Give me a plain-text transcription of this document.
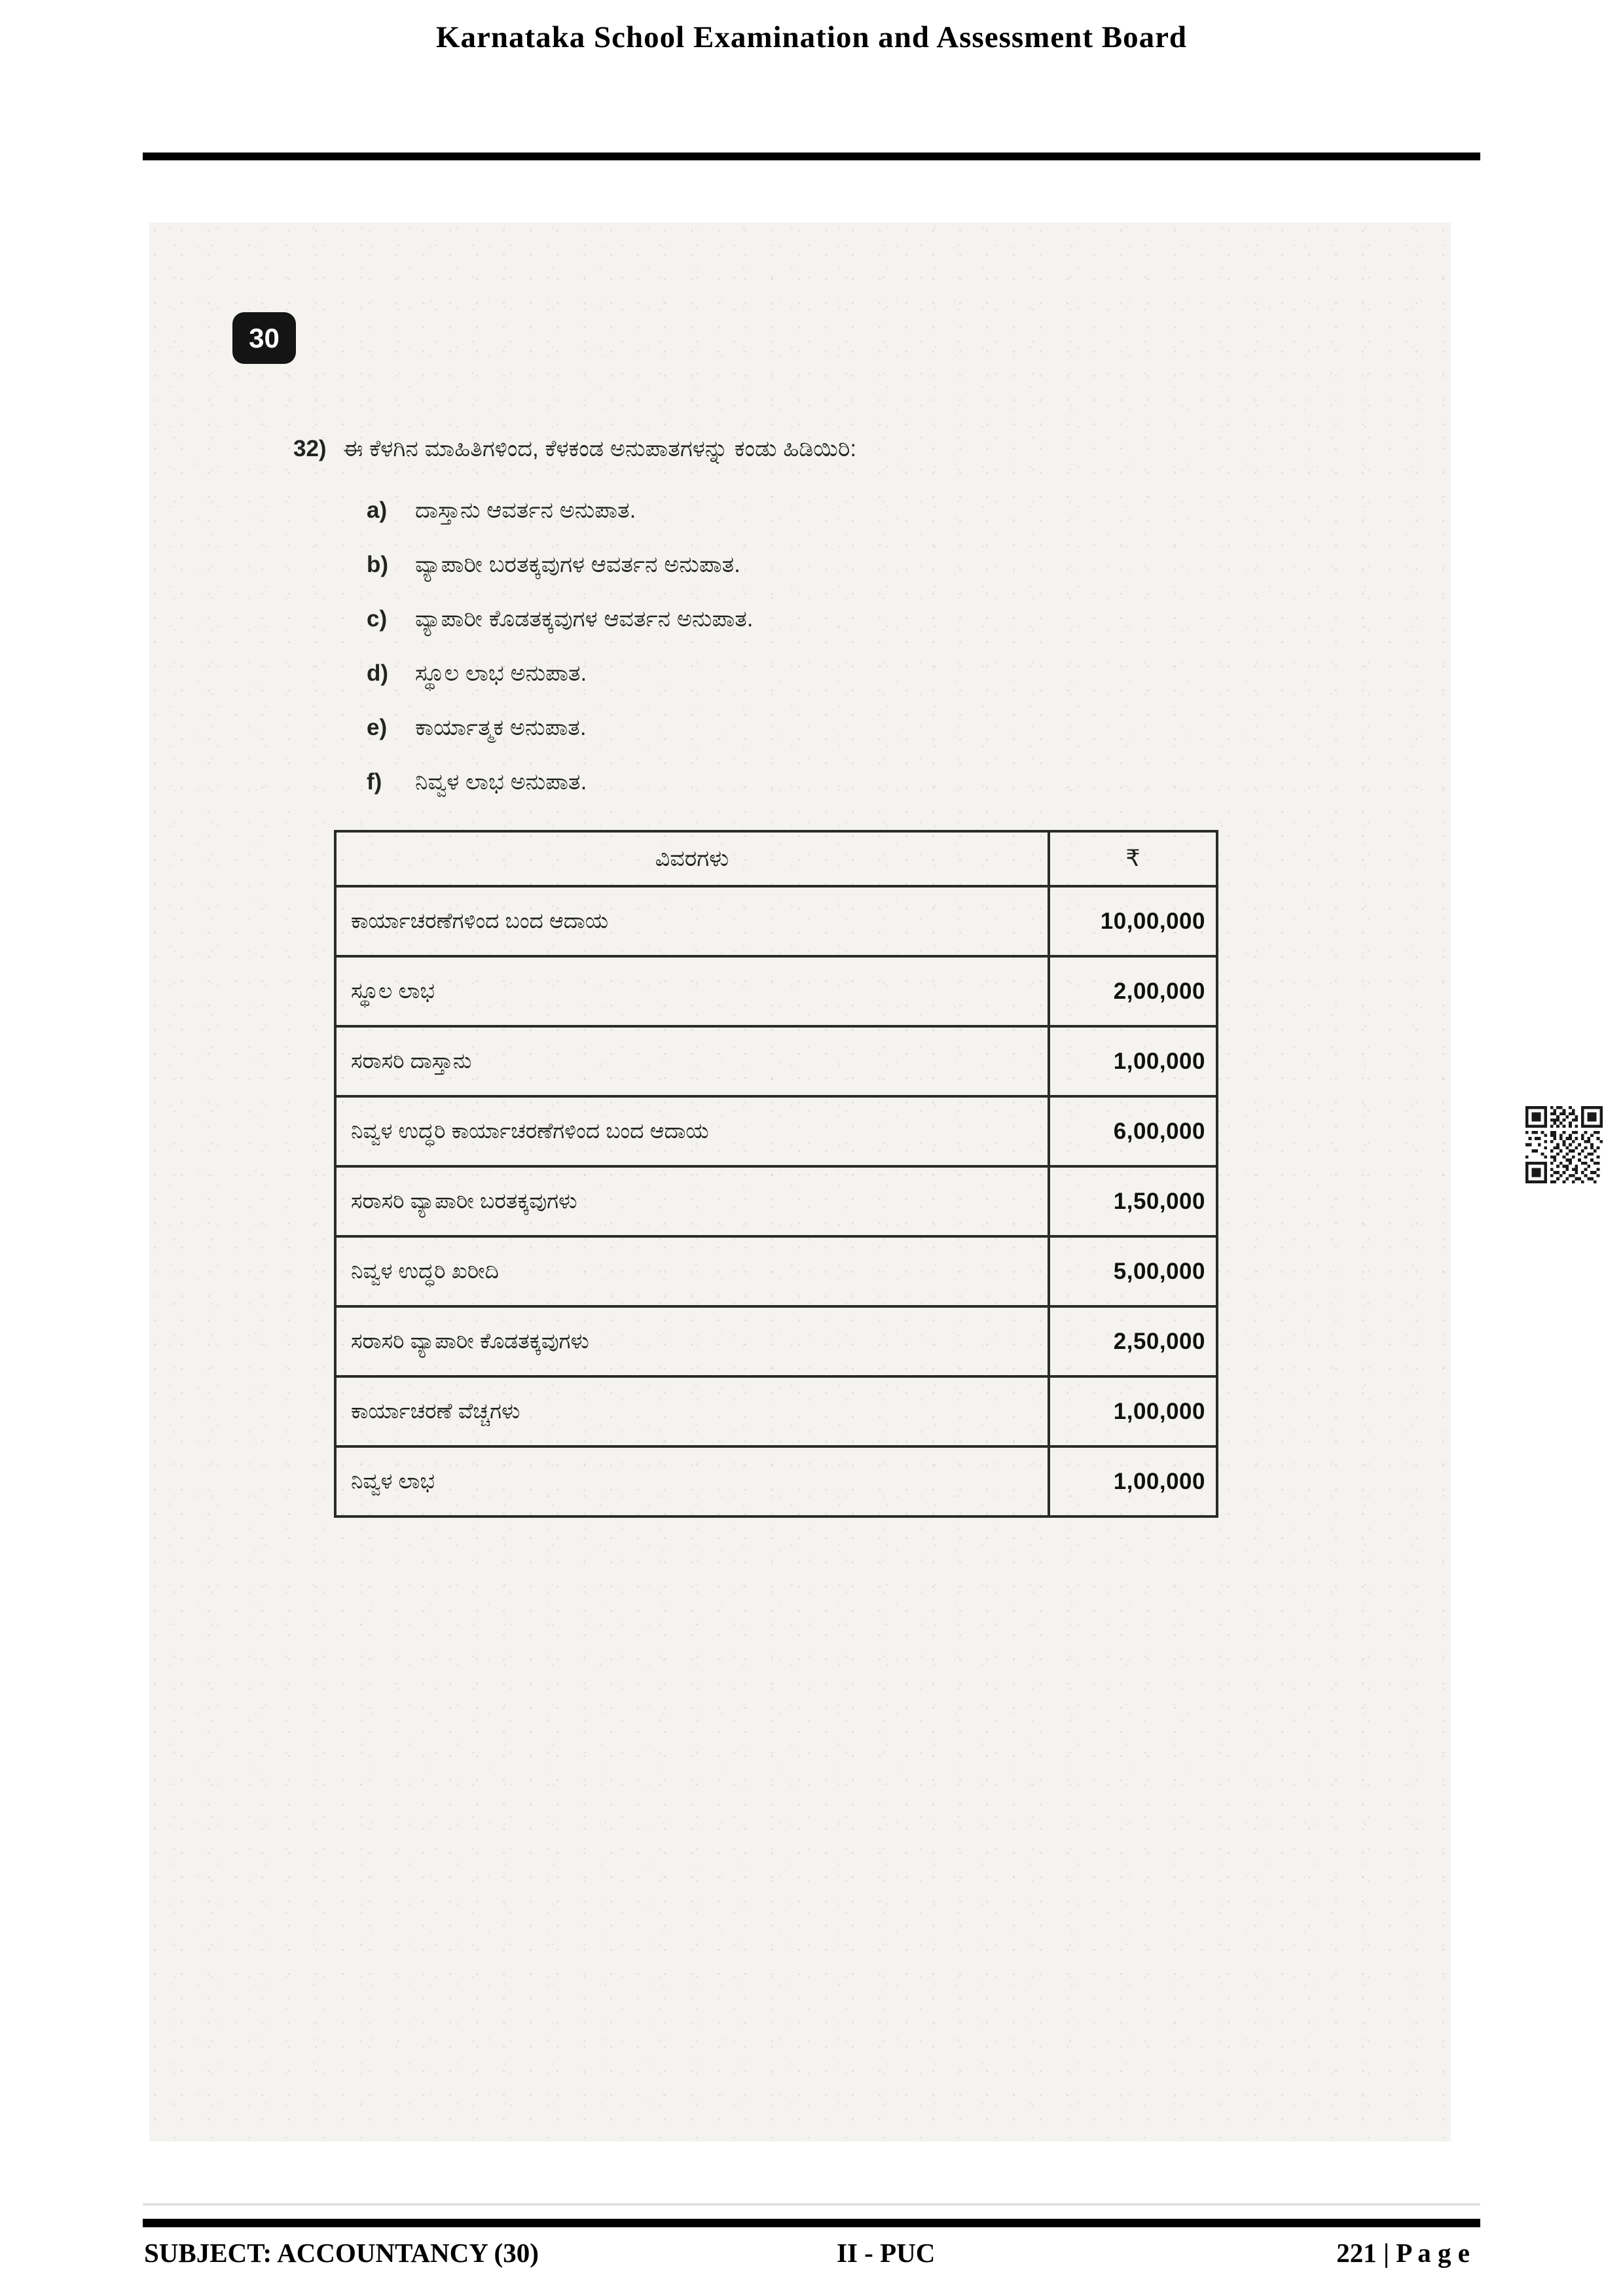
Karnataka School Examination and Assessment Board
30
32) ಈ ಕೆಳಗಿನ ಮಾಹಿತಿಗಳಿಂದ, ಕೆಳಕಂಡ ಅನುಪಾತಗಳನ್ನು ಕಂಡು ಹಿಡಿಯಿರಿ:
a)	ದಾಸ್ತಾನು ಆವರ್ತನ ಅನುಪಾತ.
b)	ವ್ಯಾಪಾರೀ ಬರತಕ್ಕವುಗಳ ಆವರ್ತನ ಅನುಪಾತ.
c)	ವ್ಯಾಪಾರೀ ಕೊಡತಕ್ಕವುಗಳ ಆವರ್ತನ ಅನುಪಾತ.
d)	ಸ್ಥೂಲ ಲಾಭ ಅನುಪಾತ.
e)	ಕಾರ್ಯಾತ್ಮಕ ಅನುಪಾತ.
f)	ನಿವ್ವಳ ಲಾಭ ಅನುಪಾತ.
ವಿವರಗಳು	₹
ಕಾರ್ಯಾಚರಣೆಗಳಿಂದ ಬಂದ ಆದಾಯ	10,00,000
ಸ್ಥೂಲ ಲಾಭ	2,00,000
ಸರಾಸರಿ ದಾಸ್ತಾನು	1,00,000
ನಿವ್ವಳ ಉದ್ಧರಿ ಕಾರ್ಯಾಚರಣೆಗಳಿಂದ ಬಂದ ಆದಾಯ	6,00,000
ಸರಾಸರಿ ವ್ಯಾಪಾರೀ ಬರತಕ್ಕವುಗಳು	1,50,000
ನಿವ್ವಳ ಉದ್ಧರಿ ಖರೀದಿ	5,00,000
ಸರಾಸರಿ ವ್ಯಾಪಾರೀ ಕೊಡತಕ್ಕವುಗಳು	2,50,000
ಕಾರ್ಯಾಚರಣೆ ವೆಚ್ಚಗಳು	1,00,000
ನಿವ್ವಳ ಲಾಭ	1,00,000
SUBJECT: ACCOUNTANCY (30)	II - PUC	221 | P a g e
